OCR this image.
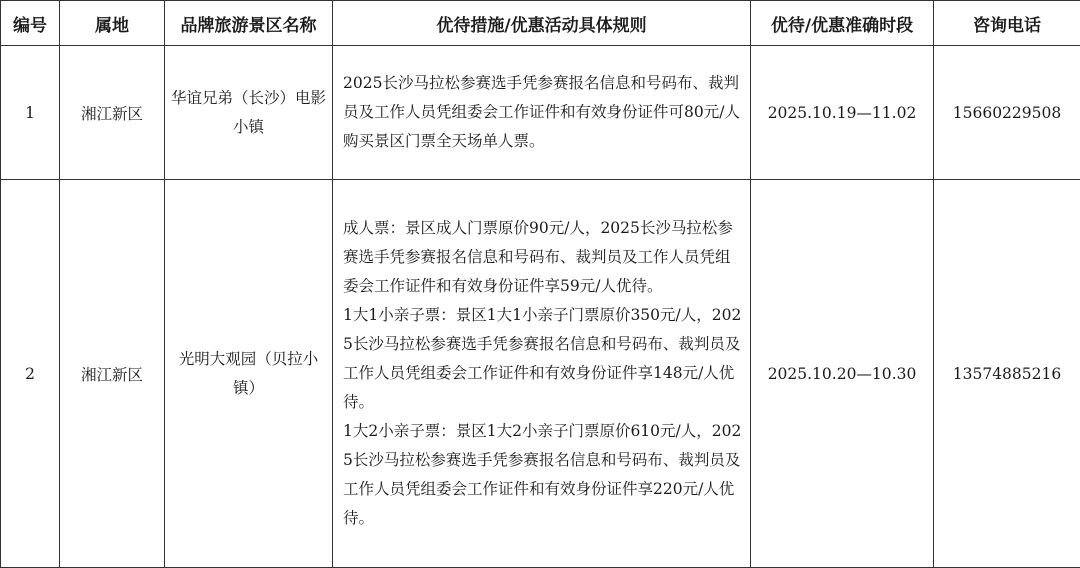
编号	属地	品牌旅游景区名称	优待措施/优惠活动具体规则	优待/优惠准确时段	咨询电话
1	湘江新区	华谊兄弟（长沙）电影小镇	2025长沙马拉松参赛选手凭参赛报名信息和号码布、裁判员及工作人员凭组委会工作证件和有效身份证件可80元/人购买景区门票全天场单人票。	2025.10.19—11.02	15660229508
2	湘江新区	光明大观园（贝拉小镇）	成人票：景区成人门票原价90元/人，2025长沙马拉松参赛选手凭参赛报名信息和号码布、裁判员及工作人员凭组委会工作证件和有效身份证件享59元/人优待。
1大1小亲子票：景区1大1小亲子门票原价350元/人，2025长沙马拉松参赛选手凭参赛报名信息和号码布、裁判员及工作人员凭组委会工作证件和有效身份证件享148元/人优待。
1大2小亲子票：景区1大2小亲子门票原价610元/人，2025长沙马拉松参赛选手凭参赛报名信息和号码布、裁判员及工作人员凭组委会工作证件和有效身份证件享220元/人优待。	2025.10.20—10.30	13574885216
